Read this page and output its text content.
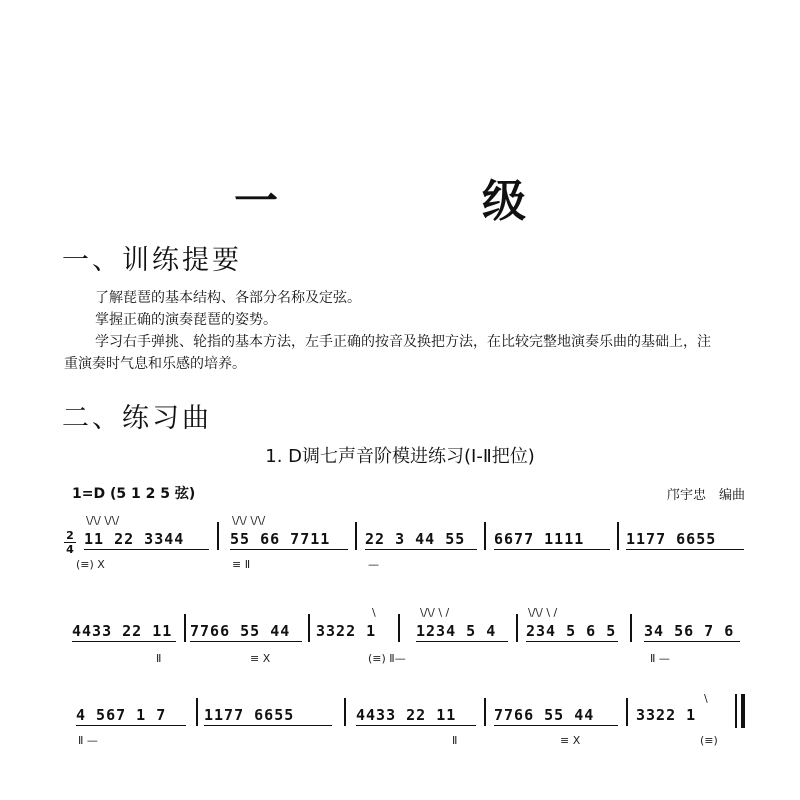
一　级
一、训练提要
了解琵琶的基本结构、各部分名称及定弦。
掌握正确的演奏琵琶的姿势。
学习右手弹挑、轮指的基本方法，左手正确的按音及换把方法，在比较完整地演奏乐曲的基础上，注
重演奏时气息和乐感的培养。
二、练习曲
1. D调七声音阶模进练习(Ⅰ-Ⅱ把位)
1=D (5 1 2 5 弦)	邝宇忠　编曲
2
4
\/\/ \/\/	\/\/ \/\/
11 22 3344	55 66 7711 22 3 44 55 6677 1111	1177 6655
(≡) X	≡ Ⅱ	—
\	\/\/ \ /	\/\/ \ /
4433 22 11 7766 55 44 3322 1	1234 5 4 234 5 6 5 34 56 7 6
Ⅱ	≡ X	(≡) Ⅱ—	Ⅱ —
\
4 567 1 7	1177 6655	4433 22 11	7766 55 44	3322 1
Ⅱ —	Ⅱ	≡ X	(≡)
